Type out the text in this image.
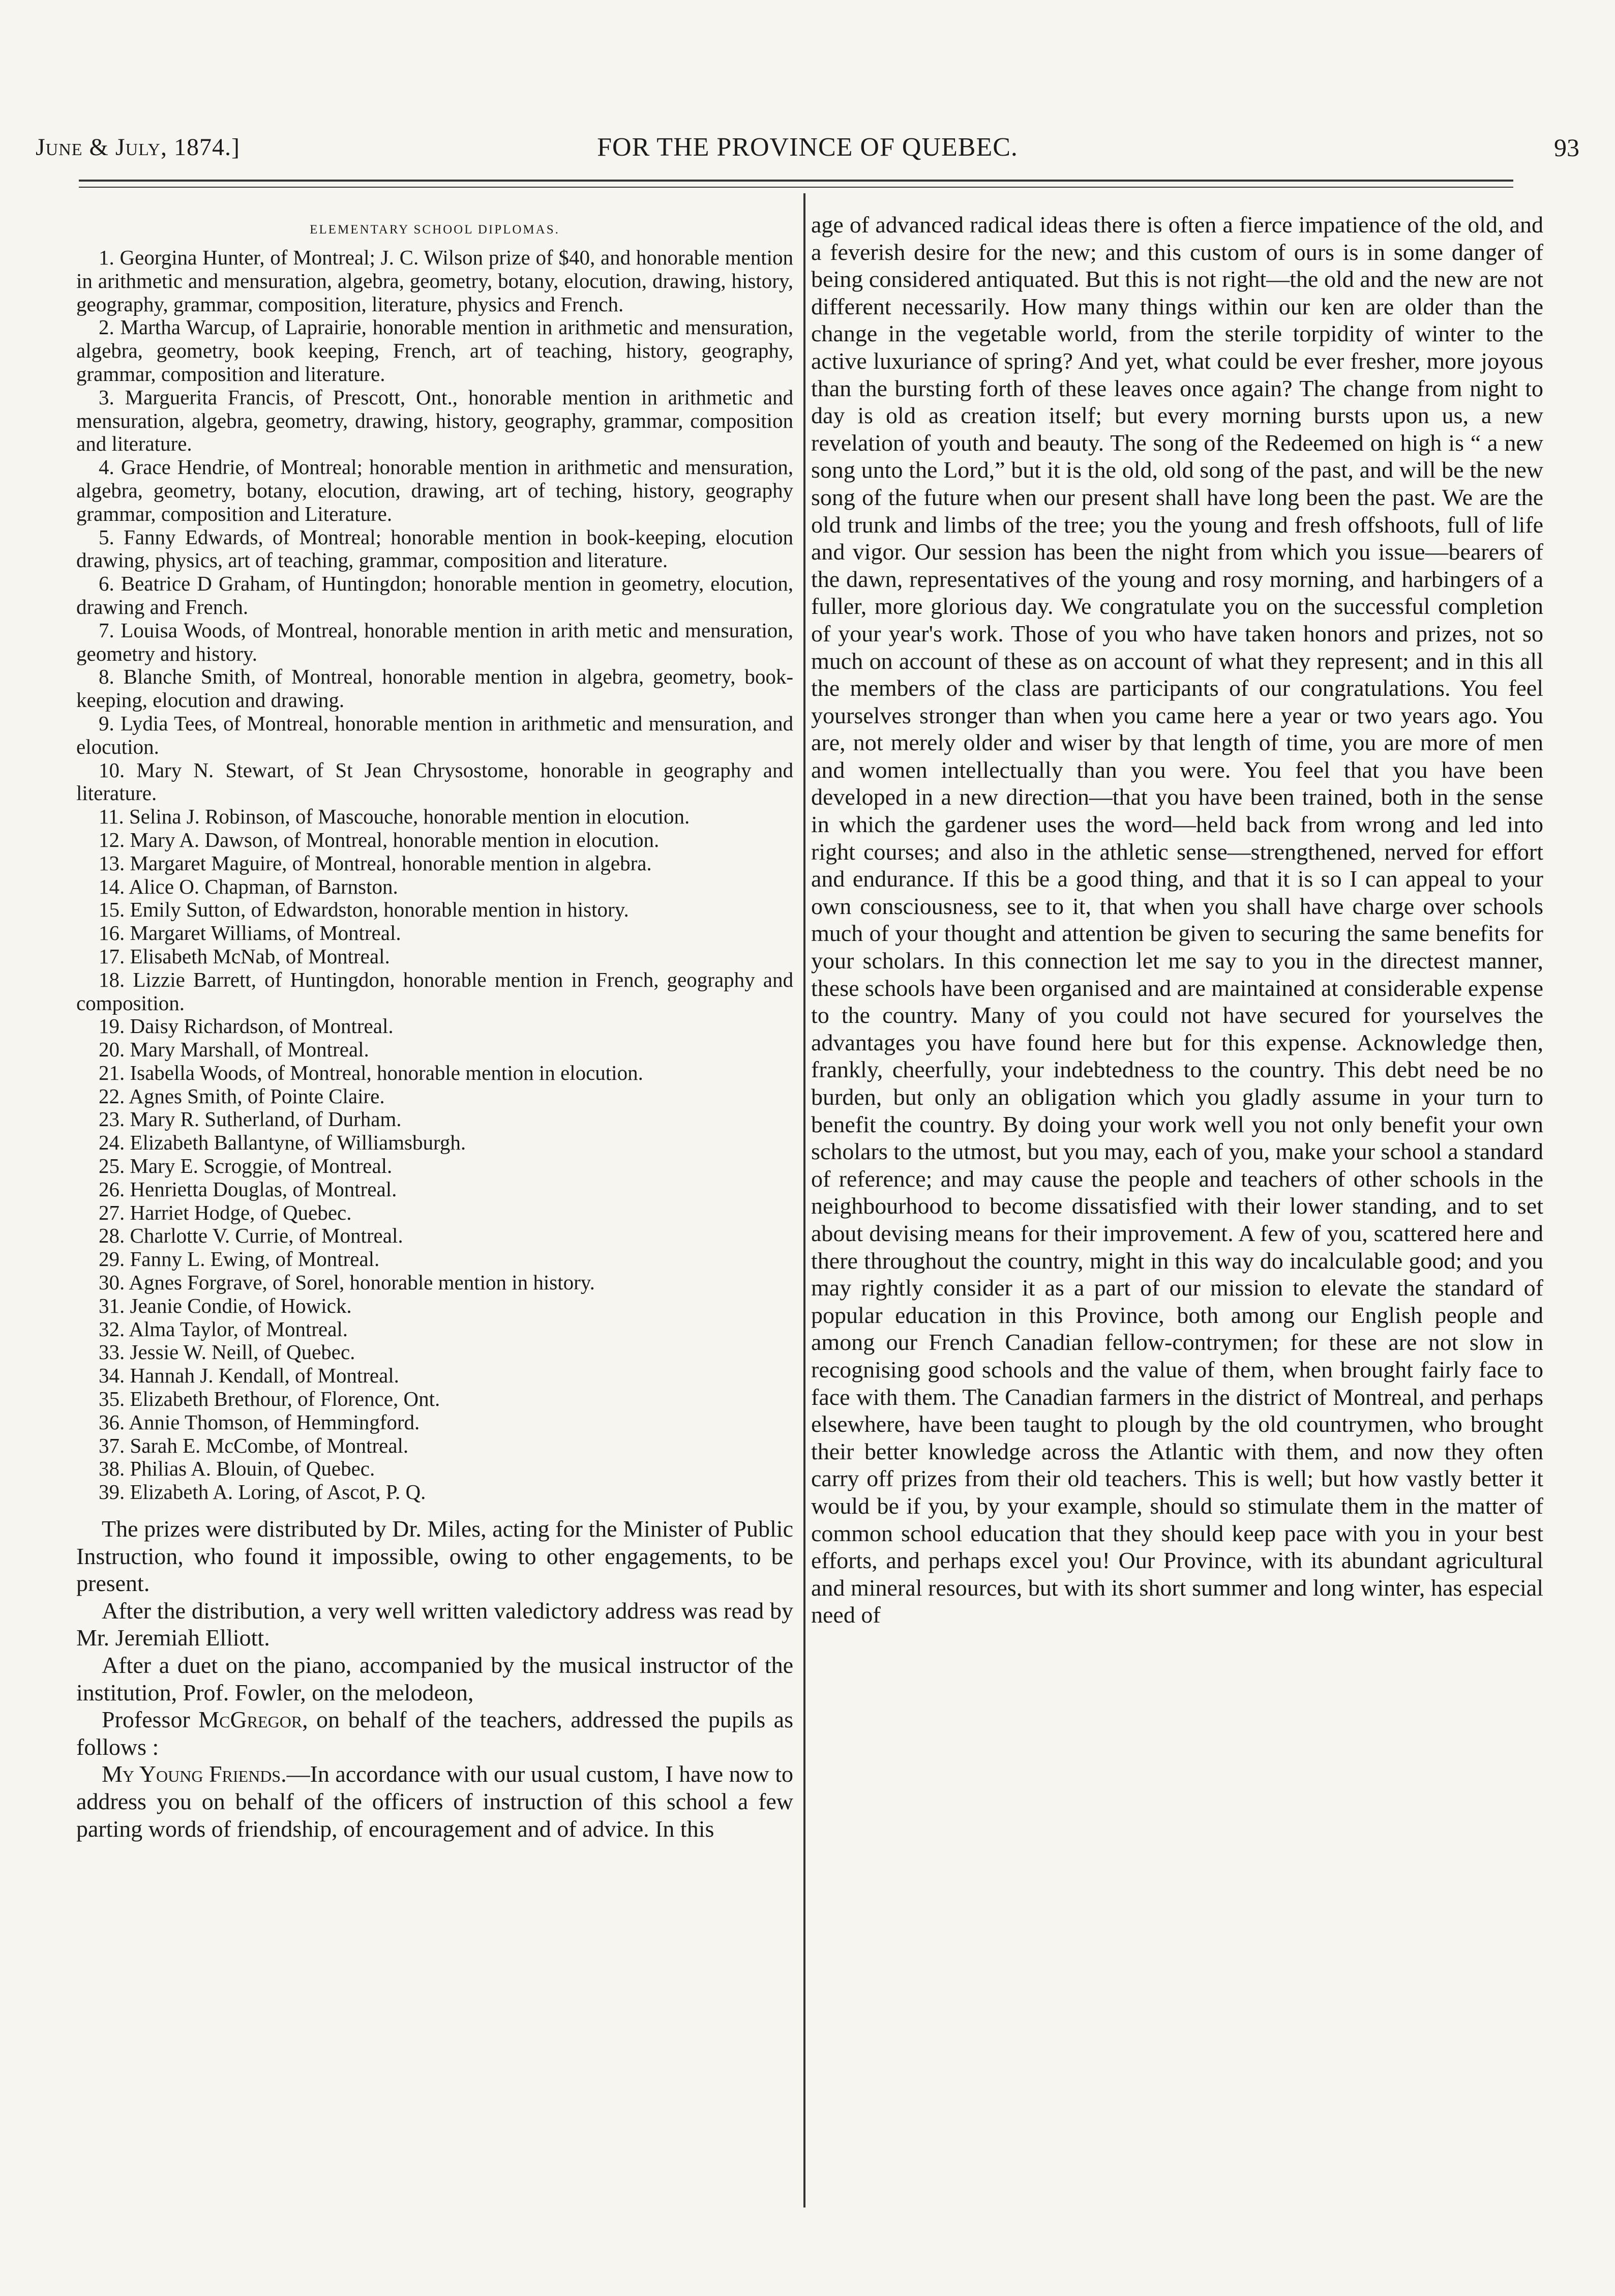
June & July, 1874.]	FOR THE PROVINCE OF QUEBEC.	93
ELEMENTARY SCHOOL DIPLOMAS.
1. Georgina Hunter, of Montreal; J. C. Wilson prize of $40, and honorable mention in arithmetic and mensuration, algebra, geometry, botany, elocution, drawing, history, geography, grammar, composition, literature, physics and French.
2. Martha Warcup, of Laprairie, honorable mention in arithmetic and mensuration, algebra, geometry, book keeping, French, art of teaching, history, geography, grammar, composition and literature.
3. Marguerita Francis, of Prescott, Ont., honorable mention in arithmetic and mensuration, algebra, geometry, drawing, history, geography, grammar, composition and literature.
4. Grace Hendrie, of Montreal; honorable mention in arithmetic and mensuration, algebra, geometry, botany, elocution, drawing, art of teching, history, geography grammar, composition and Literature.
5. Fanny Edwards, of Montreal; honorable mention in book-keeping, elocution drawing, physics, art of teaching, grammar, composition and literature.
6. Beatrice D Graham, of Huntingdon; honorable mention in geometry, elocution, drawing and French.
7. Louisa Woods, of Montreal, honorable mention in arith metic and mensuration, geometry and history.
8. Blanche Smith, of Montreal, honorable mention in algebra, geometry, book-keeping, elocution and drawing.
9. Lydia Tees, of Montreal, honorable mention in arithmetic and mensuration, and elocution.
10. Mary N. Stewart, of St Jean Chrysostome, honorable in geography and literature.
11. Selina J. Robinson, of Mascouche, honorable mention in elocution.
12. Mary A. Dawson, of Montreal, honorable mention in elocution.
13. Margaret Maguire, of Montreal, honorable mention in algebra.
14. Alice O. Chapman, of Barnston.
15. Emily Sutton, of Edwardston, honorable mention in history.
16. Margaret Williams, of Montreal.
17. Elisabeth McNab, of Montreal.
18. Lizzie Barrett, of Huntingdon, honorable mention in French, geography and composition.
19. Daisy Richardson, of Montreal.
20. Mary Marshall, of Montreal.
21. Isabella Woods, of Montreal, honorable mention in elocution.
22. Agnes Smith, of Pointe Claire.
23. Mary R. Sutherland, of Durham.
24. Elizabeth Ballantyne, of Williamsburgh.
25. Mary E. Scroggie, of Montreal.
26. Henrietta Douglas, of Montreal.
27. Harriet Hodge, of Quebec.
28. Charlotte V. Currie, of Montreal.
29. Fanny L. Ewing, of Montreal.
30. Agnes Forgrave, of Sorel, honorable mention in history.
31. Jeanie Condie, of Howick.
32. Alma Taylor, of Montreal.
33. Jessie W. Neill, of Quebec.
34. Hannah J. Kendall, of Montreal.
35. Elizabeth Brethour, of Florence, Ont.
36. Annie Thomson, of Hemmingford.
37. Sarah E. McCombe, of Montreal.
38. Philias A. Blouin, of Quebec.
39. Elizabeth A. Loring, of Ascot, P. Q.

The prizes were distributed by Dr. Miles, acting for the Minister of Public Instruction, who found it impossible, owing to other engagements, to be present.

After the distribution, a very well written valedictory address was read by Mr. Jeremiah Elliott.

After a duet on the piano, accompanied by the musical instructor of the institution, Prof. Fowler, on the melodeon,

Professor McGregor, on behalf of the teachers, addressed the pupils as follows :

My Young Friends.—In accordance with our usual custom, I have now to address you on behalf of the officers of instruction of this school a few parting words of friendship, of encouragement and of advice. In this

age of advanced radical ideas there is often a fierce impatience of the old, and a feverish desire for the new; and this custom of ours is in some danger of being considered antiquated. But this is not right—the old and the new are not different necessarily. How many things within our ken are older than the change in the vegetable world, from the sterile torpidity of winter to the active luxuriance of spring? And yet, what could be ever fresher, more joyous than the bursting forth of these leaves once again? The change from night to day is old as creation itself; but every morning bursts upon us, a new revelation of youth and beauty. The song of the Redeemed on high is “ a new song unto the Lord,” but it is the old, old song of the past, and will be the new song of the future when our present shall have long been the past. We are the old trunk and limbs of the tree; you the young and fresh offshoots, full of life and vigor. Our session has been the night from which you issue—bearers of the dawn, representatives of the young and rosy morning, and harbingers of a fuller, more glorious day. We congratulate you on the successful completion of your year's work. Those of you who have taken honors and prizes, not so much on account of these as on account of what they represent; and in this all the members of the class are participants of our congratulations. You feel yourselves stronger than when you came here a year or two years ago. You are, not merely older and wiser by that length of time, you are more of men and women intellectually than you were. You feel that you have been developed in a new direction—that you have been trained, both in the sense in which the gardener uses the word—held back from wrong and led into right courses; and also in the athletic sense—strengthened, nerved for effort and endurance. If this be a good thing, and that it is so I can appeal to your own consciousness, see to it, that when you shall have charge over schools much of your thought and attention be given to securing the same benefits for your scholars. In this connection let me say to you in the directest manner, these schools have been organised and are maintained at considerable expense to the country. Many of you could not have secured for yourselves the advantages you have found here but for this expense. Acknowledge then, frankly, cheerfully, your indebtedness to the country. This debt need be no burden, but only an obligation which you gladly assume in your turn to benefit the country. By doing your work well you not only benefit your own scholars to the utmost, but you may, each of you, make your school a standard of reference; and may cause the people and teachers of other schools in the neighbourhood to become dissatisfied with their lower standing, and to set about devising means for their improvement. A few of you, scattered here and there throughout the country, might in this way do incalculable good; and you may rightly consider it as a part of our mission to elevate the standard of popular education in this Province, both among our English people and among our French Canadian fellow-contrymen; for these are not slow in recognising good schools and the value of them, when brought fairly face to face with them. The Canadian farmers in the district of Montreal, and perhaps elsewhere, have been taught to plough by the old countrymen, who brought their better knowledge across the Atlantic with them, and now they often carry off prizes from their old teachers. This is well; but how vastly better it would be if you, by your example, should so stimulate them in the matter of common school education that they should keep pace with you in your best efforts, and perhaps excel you! Our Province, with its abundant agricultural and mineral resources, but with its short summer and long winter, has especial need of
